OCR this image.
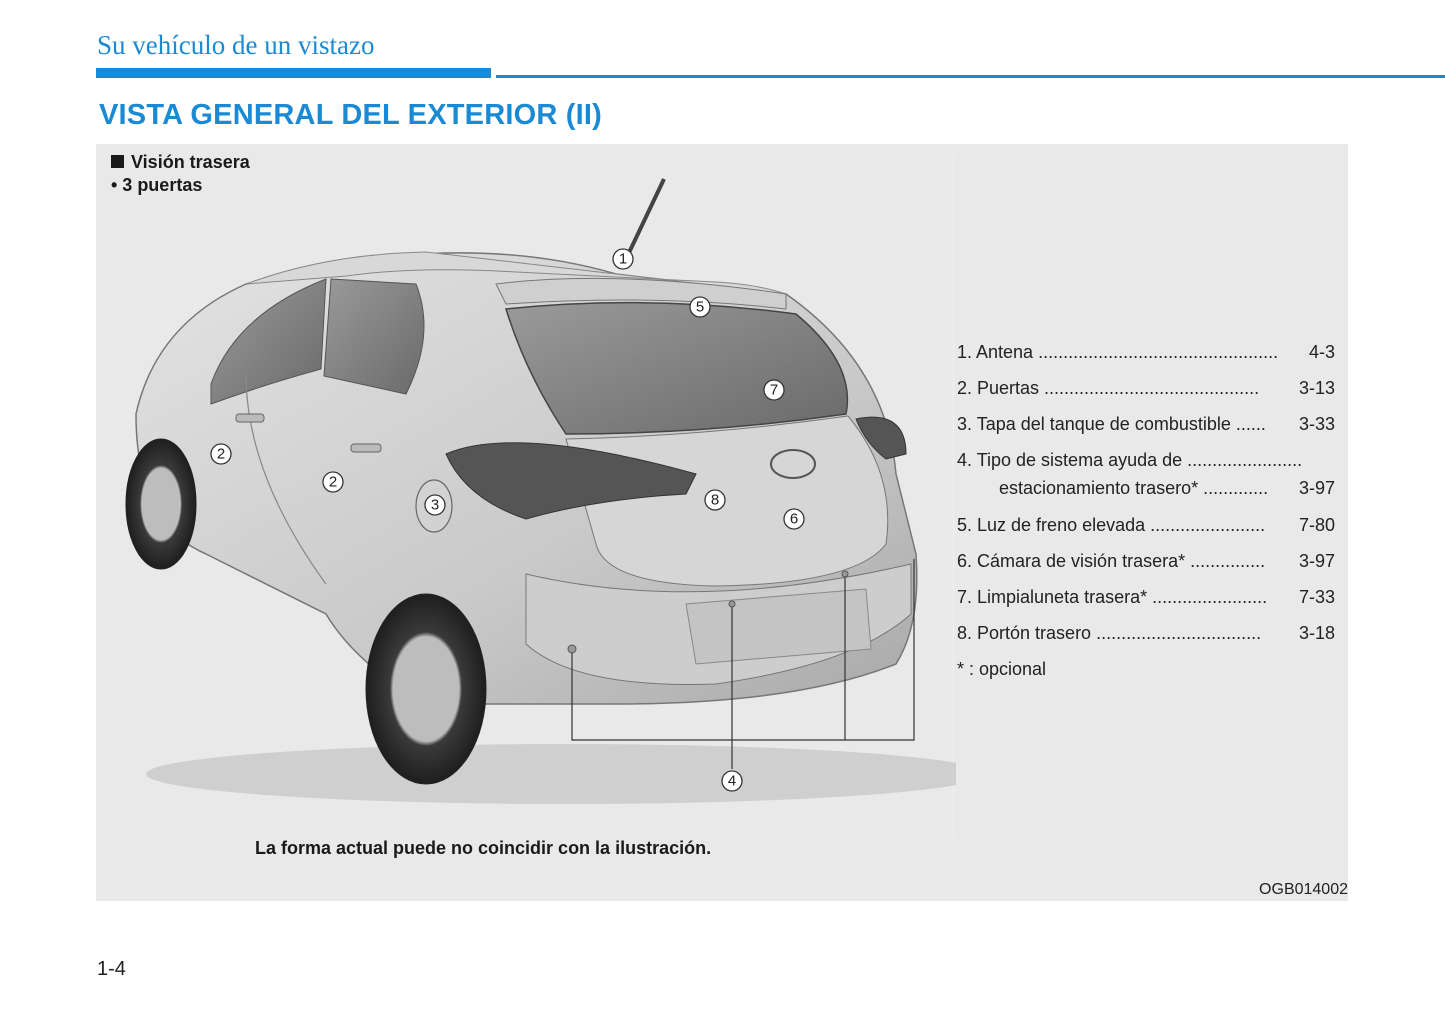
Su vehículo de un vistazo
VISTA GENERAL DEL EXTERIOR (II)
Visión trasera
• 3 puertas
1
5
7
2
2
3	8
6
4
1. Antena ................................................ 4-3
2. Puertas ........................................... 3-13
3. Tapa del tanque de combustible ...... 3-33
4. Tipo de sistema ayuda de .......................
estacionamiento trasero* ............. 3-97
5. Luz de freno elevada ....................... 7-80
6. Cámara de visión trasera* ............... 3-97
7. Limpialuneta trasera* ....................... 7-33
8. Portón trasero ................................. 3-18
* : opcional
La forma actual puede no coincidir con la ilustración.
OGB014002
1-4
